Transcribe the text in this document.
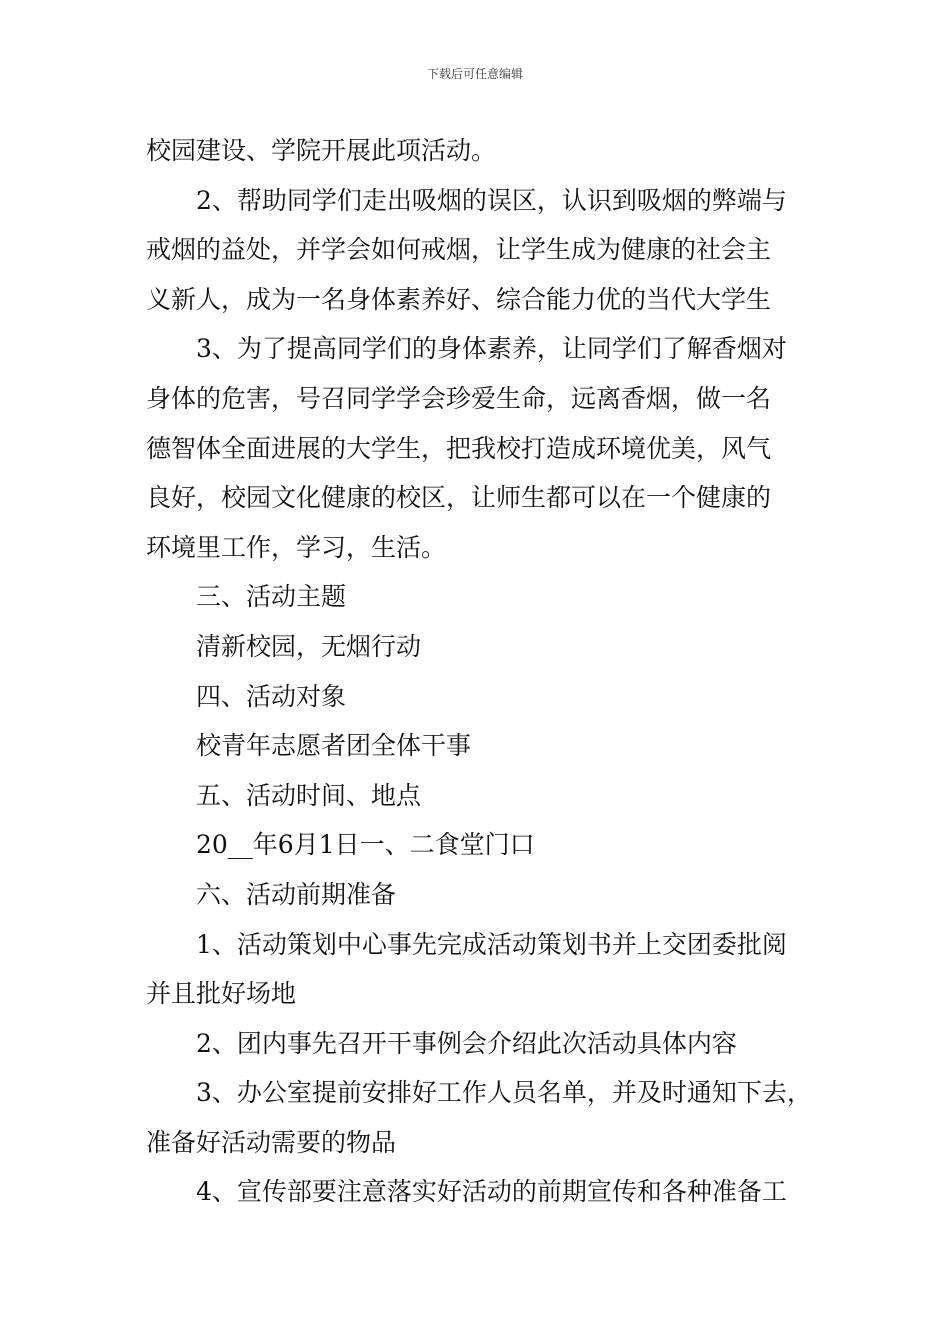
下载后可任意编辑
校园建设、学院开展此项活动。
2、帮助同学们走出吸烟的误区，认识到吸烟的弊端与
戒烟的益处，并学会如何戒烟，让学生成为健康的社会主
义新人，成为一名身体素养好、综合能力优的当代大学生
3、为了提高同学们的身体素养，让同学们了解香烟对
身体的危害，号召同学学会珍爱生命，远离香烟，做一名
德智体全面进展的大学生，把我校打造成环境优美，风气
良好，校园文化健康的校区，让师生都可以在一个健康的
环境里工作，学习，生活。
三、活动主题
清新校园，无烟行动
四、活动对象
校青年志愿者团全体干事
五、活动时间、地点
20__年6月1日一、二食堂门口
六、活动前期准备
1、活动策划中心事先完成活动策划书并上交团委批阅
并且批好场地
2、团内事先召开干事例会介绍此次活动具体内容
3、办公室提前安排好工作人员名单，并及时通知下去，
准备好活动需要的物品
4、宣传部要注意落实好活动的前期宣传和各种准备工
